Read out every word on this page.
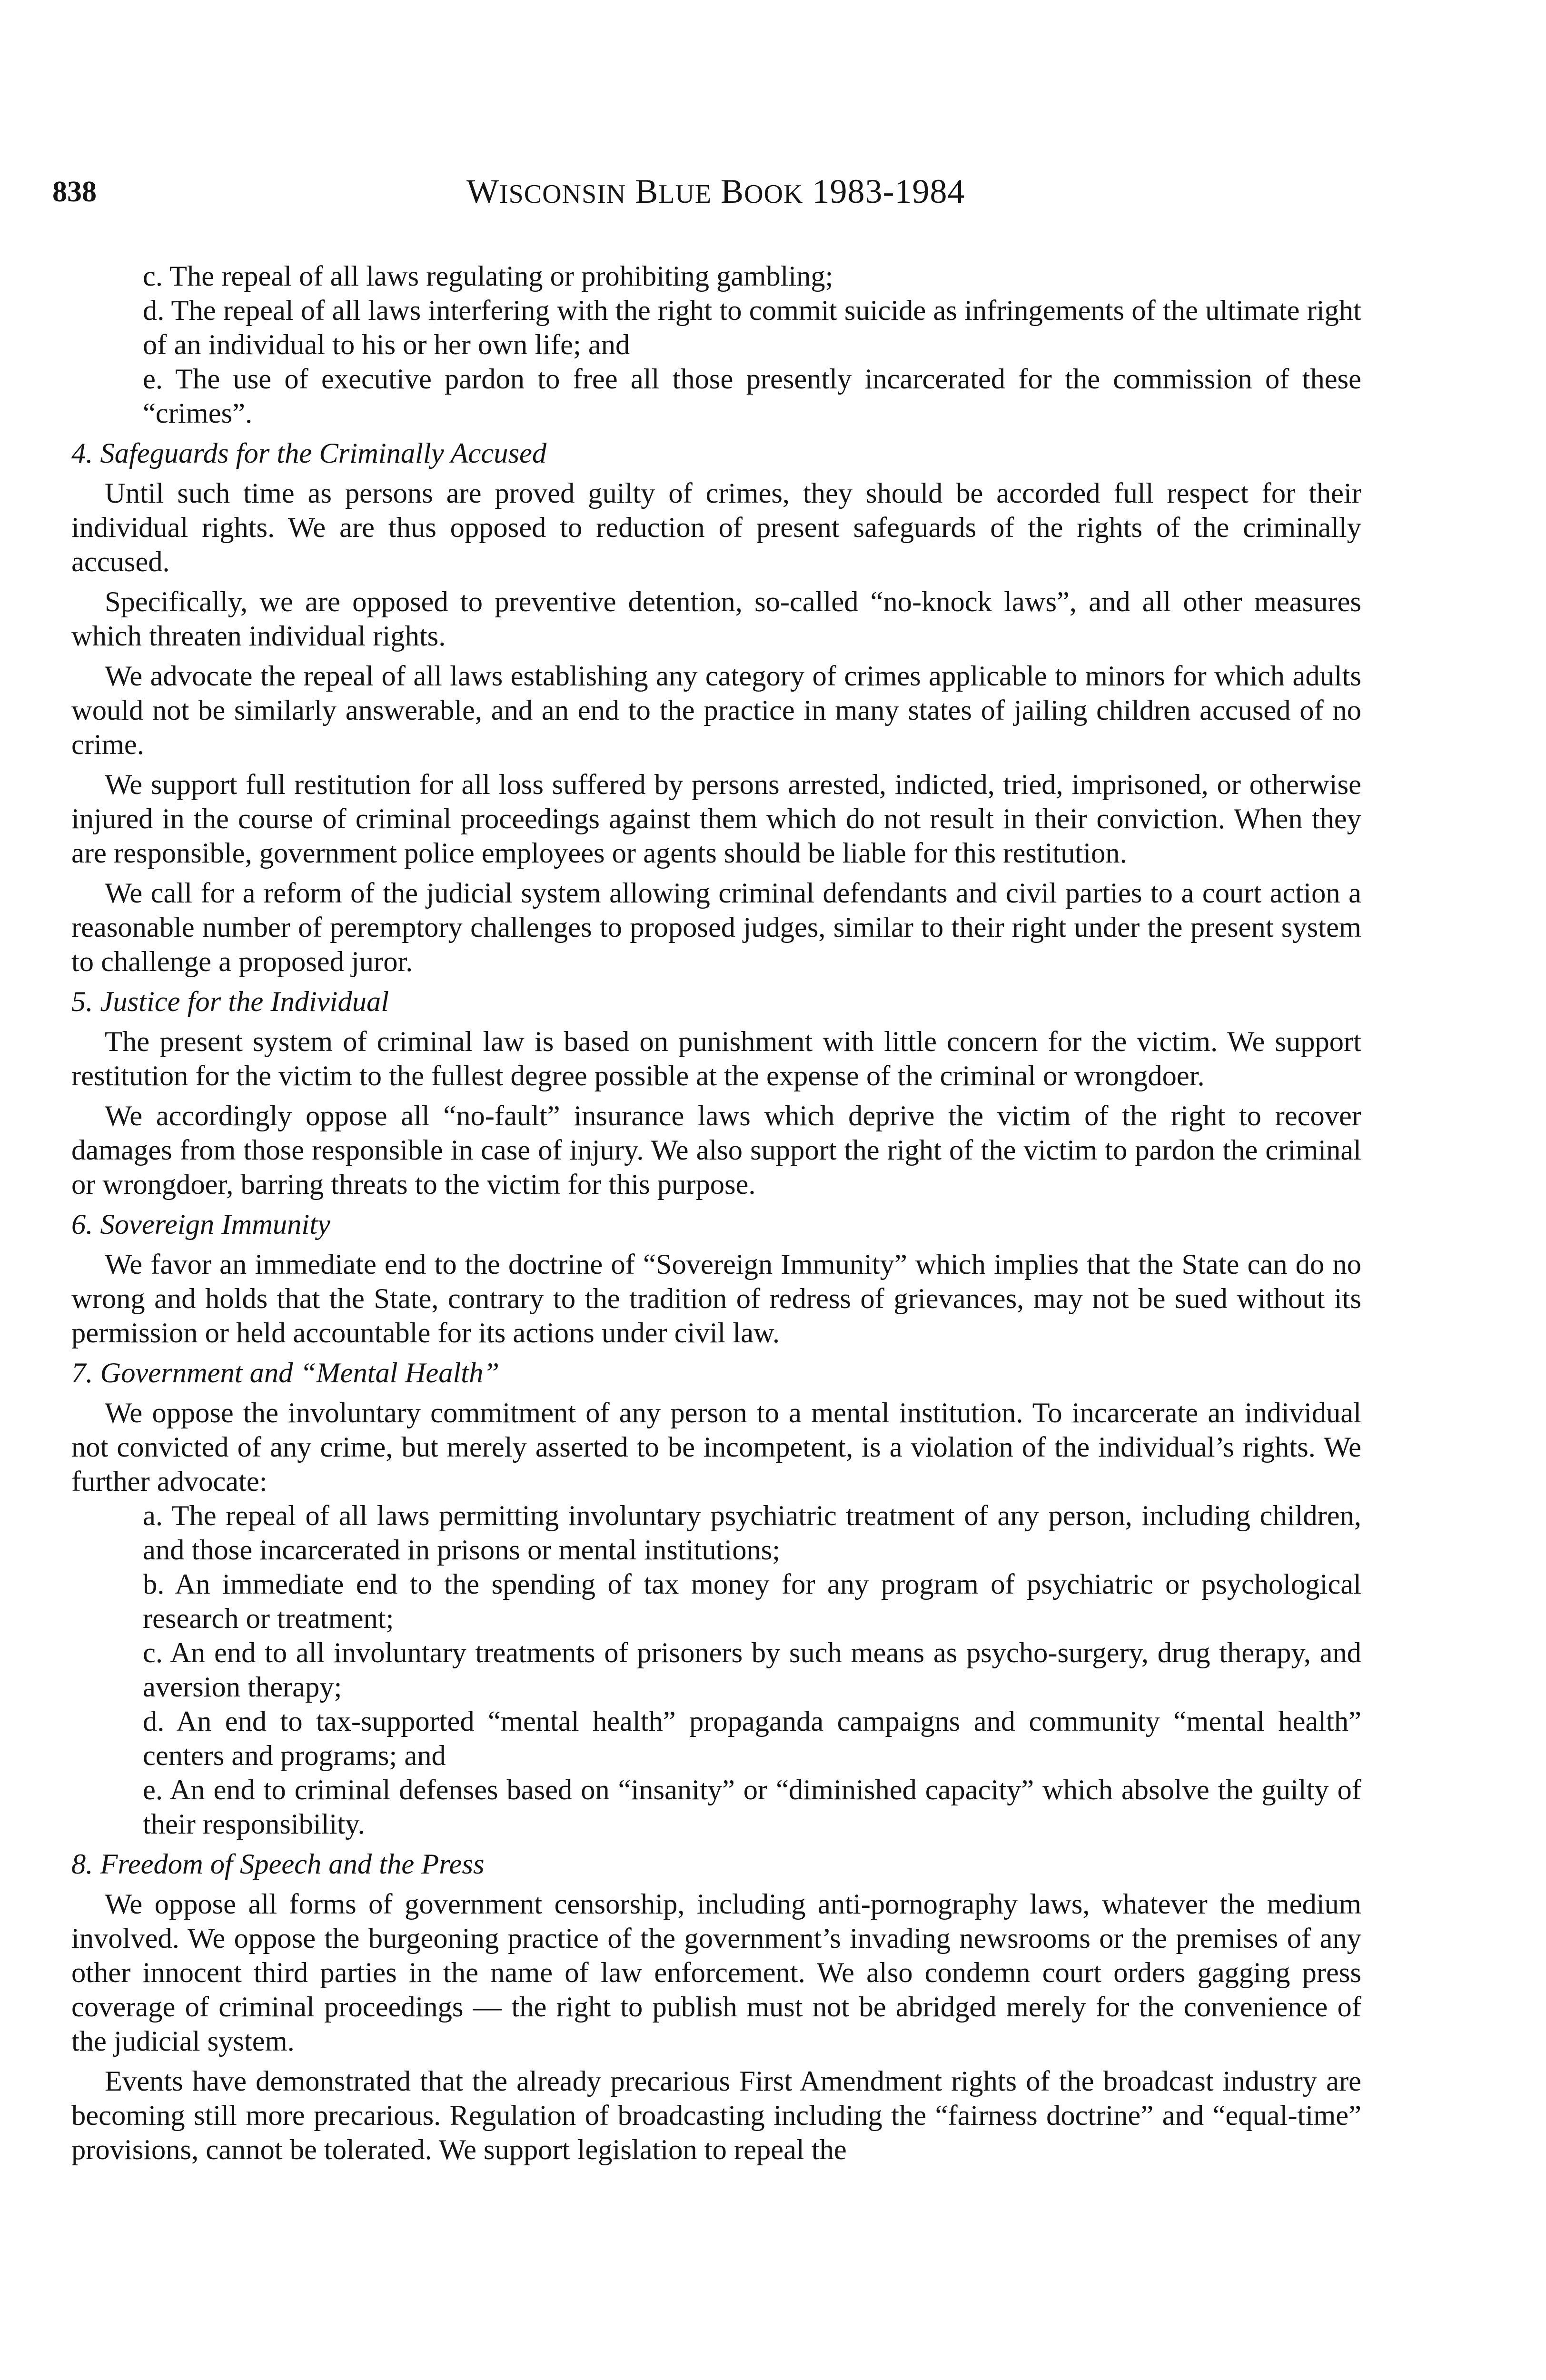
838	WISCONSIN BLUE BOOK 1983-1984

c. The repeal of all laws regulating or prohibiting gambling;

d. The repeal of all laws interfering with the right to commit suicide as infringements of the ultimate right of an individual to his or her own life; and

e. The use of executive pardon to free all those presently incarcerated for the commission of these “crimes”.

4. Safeguards for the Criminally Accused

Until such time as persons are proved guilty of crimes, they should be accorded full respect for their individual rights. We are thus opposed to reduction of present safeguards of the rights of the criminally accused.

Specifically, we are opposed to preventive detention, so-called “no-knock laws”, and all other measures which threaten individual rights.

We advocate the repeal of all laws establishing any category of crimes applicable to minors for which adults would not be similarly answerable, and an end to the practice in many states of jailing children accused of no crime.

We support full restitution for all loss suffered by persons arrested, indicted, tried, imprisoned, or otherwise injured in the course of criminal proceedings against them which do not result in their conviction. When they are responsible, government police employees or agents should be liable for this restitution.

We call for a reform of the judicial system allowing criminal defendants and civil parties to a court action a reasonable number of peremptory challenges to proposed judges, similar to their right under the present system to challenge a proposed juror.

5. Justice for the Individual

The present system of criminal law is based on punishment with little concern for the victim. We support restitution for the victim to the fullest degree possible at the expense of the criminal or wrongdoer.

We accordingly oppose all “no-fault” insurance laws which deprive the victim of the right to recover damages from those responsible in case of injury. We also support the right of the victim to pardon the criminal or wrongdoer, barring threats to the victim for this purpose.

6. Sovereign Immunity

We favor an immediate end to the doctrine of “Sovereign Immunity” which implies that the State can do no wrong and holds that the State, contrary to the tradition of redress of grievances, may not be sued without its permission or held accountable for its actions under civil law.

7. Government and “Mental Health”

We oppose the involuntary commitment of any person to a mental institution. To incarcerate an individual not convicted of any crime, but merely asserted to be incompetent, is a violation of the individual’s rights. We further advocate:

a. The repeal of all laws permitting involuntary psychiatric treatment of any person, including children, and those incarcerated in prisons or mental institutions;

b. An immediate end to the spending of tax money for any program of psychiatric or psychological research or treatment;

c. An end to all involuntary treatments of prisoners by such means as psycho-surgery, drug therapy, and aversion therapy;

d. An end to tax-supported “mental health” propaganda campaigns and community “mental health” centers and programs; and

e. An end to criminal defenses based on “insanity” or “diminished capacity” which absolve the guilty of their responsibility.

8. Freedom of Speech and the Press

We oppose all forms of government censorship, including anti-pornography laws, whatever the medium involved. We oppose the burgeoning practice of the government’s invading newsrooms or the premises of any other innocent third parties in the name of law enforcement. We also condemn court orders gagging press coverage of criminal proceedings — the right to publish must not be abridged merely for the convenience of the judicial system.

Events have demonstrated that the already precarious First Amendment rights of the broadcast industry are becoming still more precarious. Regulation of broadcasting including the “fairness doctrine” and “equal-time” provisions, cannot be tolerated. We support legislation to repeal the
